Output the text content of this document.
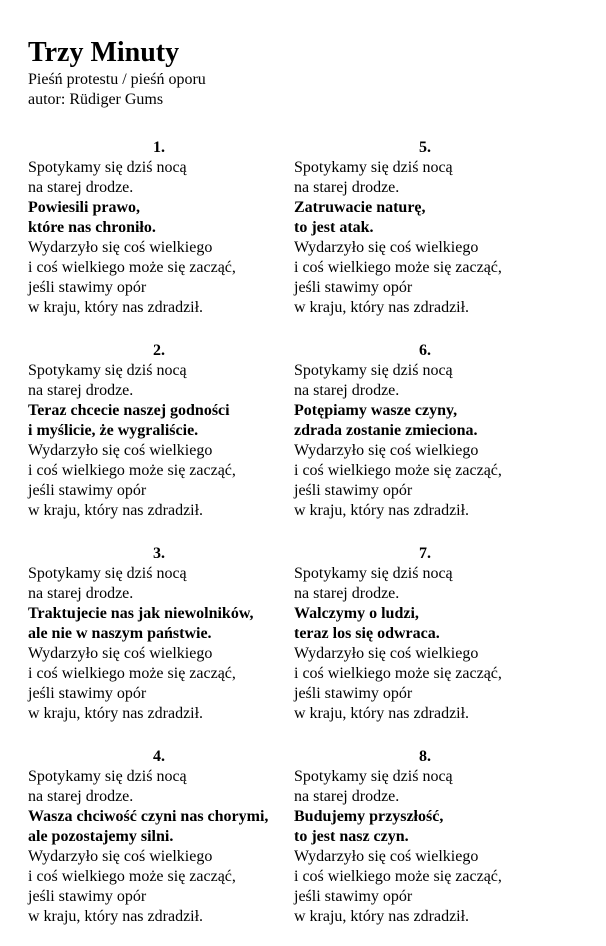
Trzy Minuty
Pieśń protestu / pieśń oporu
autor: Rüdiger Gums
1.
Spotykamy się dziś nocą
na starej drodze.
Powiesili prawo,
które nas chroniło.
Wydarzyło się coś wielkiego
i coś wielkiego może się zacząć,
jeśli stawimy opór
w kraju, który nas zdradził.
2.
Spotykamy się dziś nocą
na starej drodze.
Teraz chcecie naszej godności
i myślicie, że wygraliście.
Wydarzyło się coś wielkiego
i coś wielkiego może się zacząć,
jeśli stawimy opór
w kraju, który nas zdradził.
3.
Spotykamy się dziś nocą
na starej drodze.
Traktujecie nas jak niewolników,
ale nie w naszym państwie.
Wydarzyło się coś wielkiego
i coś wielkiego może się zacząć,
jeśli stawimy opór
w kraju, który nas zdradził.
4.
Spotykamy się dziś nocą
na starej drodze.
Wasza chciwość czyni nas chorymi,
ale pozostajemy silni.
Wydarzyło się coś wielkiego
i coś wielkiego może się zacząć,
jeśli stawimy opór
w kraju, który nas zdradził.
5.
Spotykamy się dziś nocą
na starej drodze.
Zatruwacie naturę,
to jest atak.
Wydarzyło się coś wielkiego
i coś wielkiego może się zacząć,
jeśli stawimy opór
w kraju, który nas zdradził.
6.
Spotykamy się dziś nocą
na starej drodze.
Potępiamy wasze czyny,
zdrada zostanie zmieciona.
Wydarzyło się coś wielkiego
i coś wielkiego może się zacząć,
jeśli stawimy opór
w kraju, który nas zdradził.
7.
Spotykamy się dziś nocą
na starej drodze.
Walczymy o ludzi,
teraz los się odwraca.
Wydarzyło się coś wielkiego
i coś wielkiego może się zacząć,
jeśli stawimy opór
w kraju, który nas zdradził.
8.
Spotykamy się dziś nocą
na starej drodze.
Budujemy przyszłość,
to jest nasz czyn.
Wydarzyło się coś wielkiego
i coś wielkiego może się zacząć,
jeśli stawimy opór
w kraju, który nas zdradził.
